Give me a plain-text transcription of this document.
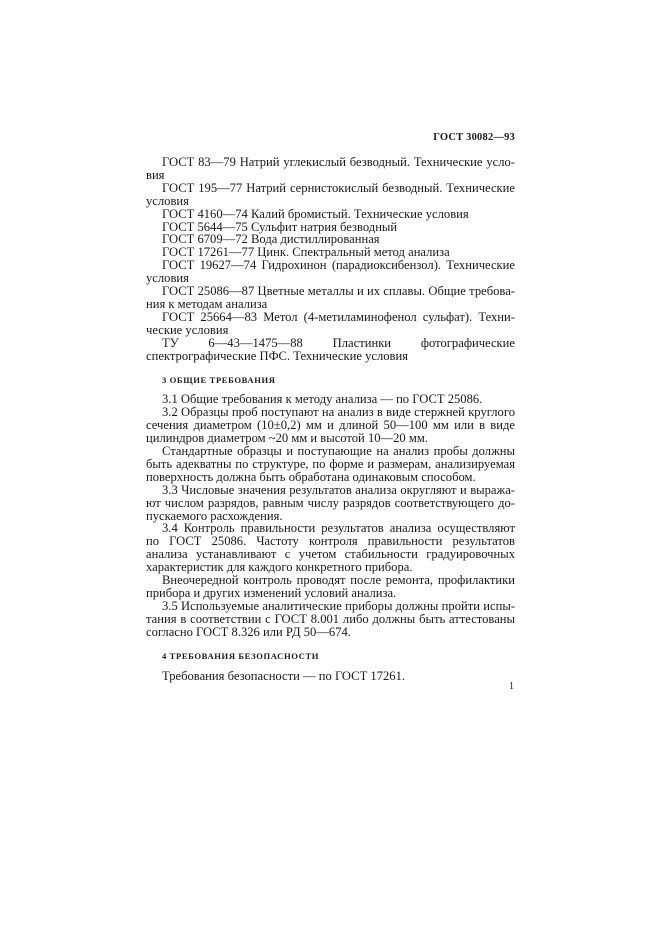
ГОСТ 30082—93

ГОСТ 83—79 Натрий углекислый безводный. Технические условия

ГОСТ 195—77 Натрий сернистокислый безводный. Технические условия

ГОСТ 4160—74 Калий бромистый. Технические условия

ГОСТ 5644—75 Сульфит натрия безводный

ГОСТ 6709—72 Вода дистиллированная

ГОСТ 17261—77 Цинк. Спектральный метод анализа

ГОСТ 19627—74 Гидрохинон (парадиоксибензол). Технические условия

ГОСТ 25086—87 Цветные металлы и их сплавы. Общие требования к методам анализа

ГОСТ 25664—83 Метол (4-метиламинофенол сульфат). Технические условия

ТУ 6—43—1475—88 Пластинки фотографические спектрографические ПФС. Технические условия

3 ОБЩИЕ ТРЕБОВАНИЯ

3.1 Общие требования к методу анализа — по ГОСТ 25086.

3.2 Образцы проб поступают на анализ в виде стержней круглого сечения диаметром (10±0,2) мм и длиной 50—100 мм или в виде цилиндров диаметром ~20 мм и высотой 10—20 мм.

Стандартные образцы и поступающие на анализ пробы должны быть адекватны по структуре, по форме и размерам, анализируемая поверхность должна быть обработана одинаковым способом.

3.3 Числовые значения результатов анализа округляют и выражают числом разрядов, равным числу разрядов соответствующего допускаемого расхождения.

3.4 Контроль правильности результатов анализа осуществляют по ГОСТ 25086. Частоту контроля правильности результатов анализа устанавливают с учетом стабильности градуировочных характеристик для каждого конкретного прибора.

Внеочередной контроль проводят после ремонта, профилактики прибора и других изменений условий анализа.

3.5 Используемые аналитические приборы должны пройти испытания в соответствии с ГОСТ 8.001 либо должны быть аттестованы согласно ГОСТ 8.326 или РД 50—674.

4 ТРЕБОВАНИЯ БЕЗОПАСНОСТИ

Требования безопасности — по ГОСТ 17261.

1
